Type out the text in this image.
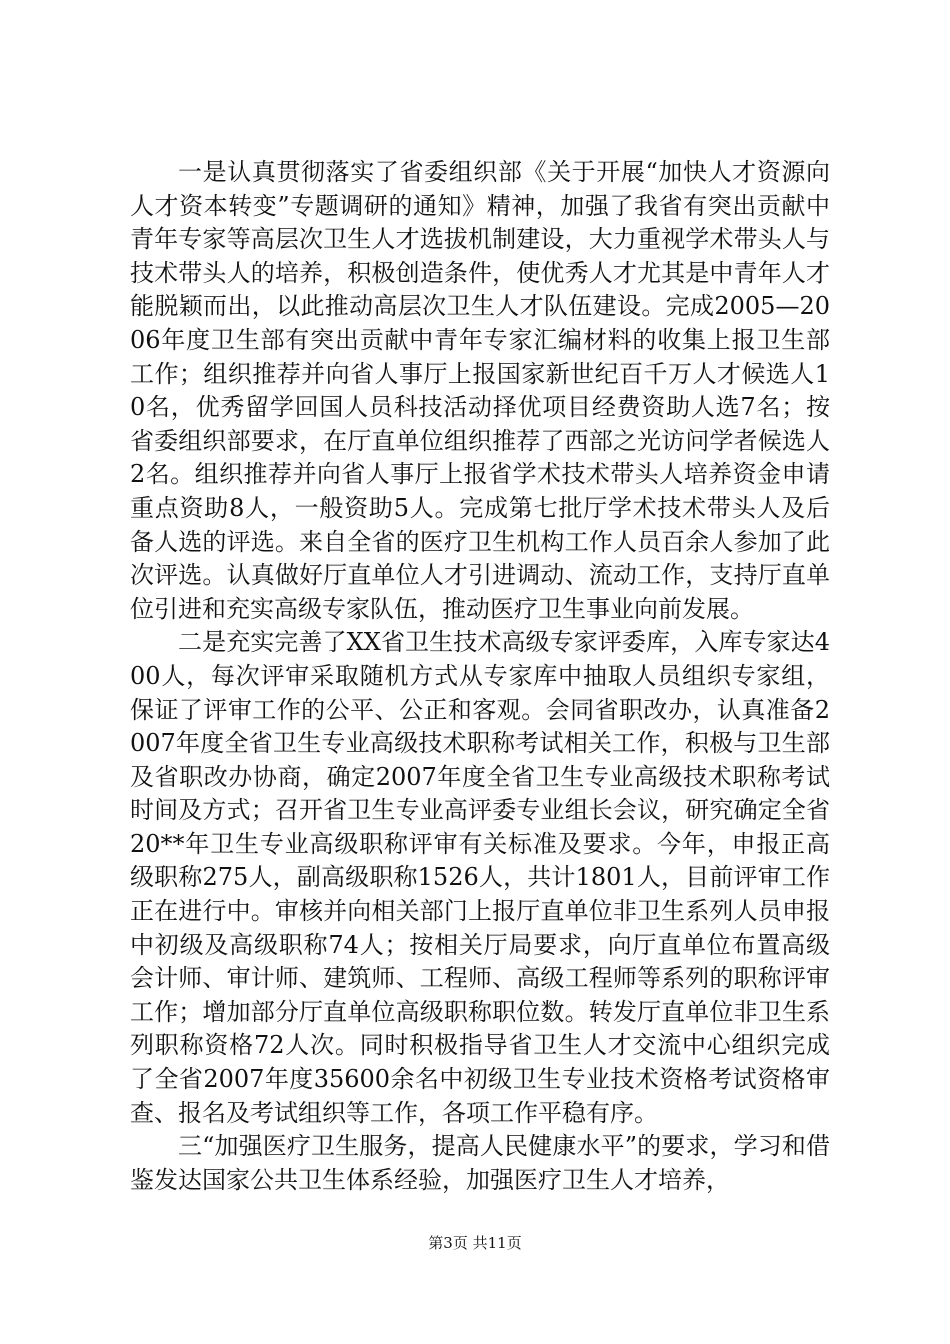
一是认真贯彻落实了省委组织部《关于开展“加快人才资源向人才资本转变”专题调研的通知》精神，加强了我省有突出贡献中青年专家等高层次卫生人才选拔机制建设，大力重视学术带头人与技术带头人的培养，积极创造条件，使优秀人才尤其是中青年人才能脱颖而出，以此推动高层次卫生人才队伍建设。完成2005—2006年度卫生部有突出贡献中青年专家汇编材料的收集上报卫生部工作；组织推荐并向省人事厅上报国家新世纪百千万人才候选人10名，优秀留学回国人员科技活动择优项目经费资助人选7名；按省委组织部要求，在厅直单位组织推荐了西部之光访问学者候选人2名。组织推荐并向省人事厅上报省学术技术带头人培养资金申请重点资助8人，一般资助5人。完成第七批厅学术技术带头人及后备人选的评选。来自全省的医疗卫生机构工作人员百余人参加了此次评选。认真做好厅直单位人才引进调动、流动工作，支持厅直单位引进和充实高级专家队伍，推动医疗卫生事业向前发展。

二是充实完善了XX省卫生技术高级专家评委库，入库专家达400人，每次评审采取随机方式从专家库中抽取人员组织专家组，保证了评审工作的公平、公正和客观。会同省职改办，认真准备2007年度全省卫生专业高级技术职称考试相关工作，积极与卫生部及省职改办协商，确定2007年度全省卫生专业高级技术职称考试时间及方式；召开省卫生专业高评委专业组长会议，研究确定全省20**年卫生专业高级职称评审有关标准及要求。今年，申报正高级职称275人，副高级职称1526人，共计1801人，目前评审工作正在进行中。审核并向相关部门上报厅直单位非卫生系列人员申报中初级及高级职称74人；按相关厅局要求，向厅直单位布置高级会计师、审计师、建筑师、工程师、高级工程师等系列的职称评审工作；增加部分厅直单位高级职称职位数。转发厅直单位非卫生系列职称资格72人次。同时积极指导省卫生人才交流中心组织完成了全省2007年度35600余名中初级卫生专业技术资格考试资格审查、报名及考试组织等工作，各项工作平稳有序。

三“加强医疗卫生服务，提高人民健康水平”的要求，学习和借鉴发达国家公共卫生体系经验，加强医疗卫生人才培养，

第3页 共11页
